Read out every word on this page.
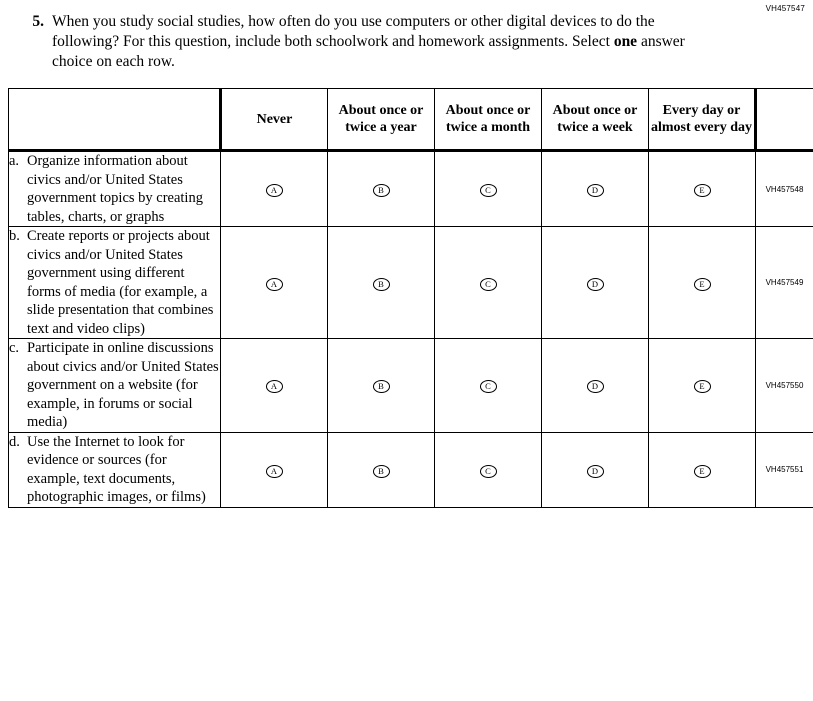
VH457547
5. When you study social studies, how often do you use computers or other digital devices to do the following? For this question, include both schoolwork and homework assignments. Select one answer choice on each row.
	Never	About once or twice a year	About once or twice a month	About once or twice a week	Every day or almost every day	

a. Organize information about civics and/or United States government topics by creating tables, charts, or graphs	A	B	C	D	E	VH457548

b. Create reports or projects about civics and/or United States government using different forms of media (for example, a slide presentation that combines text and video clips)	A	B	C	D	E	VH457549

c. Participate in online discussions about civics and/or United States government on a website (for example, in forums or social media)	A	B	C	D	E	VH457550

d. Use the Internet to look for evidence or sources (for example, text documents, photographic images, or films)	A	B	C	D	E	VH457551
